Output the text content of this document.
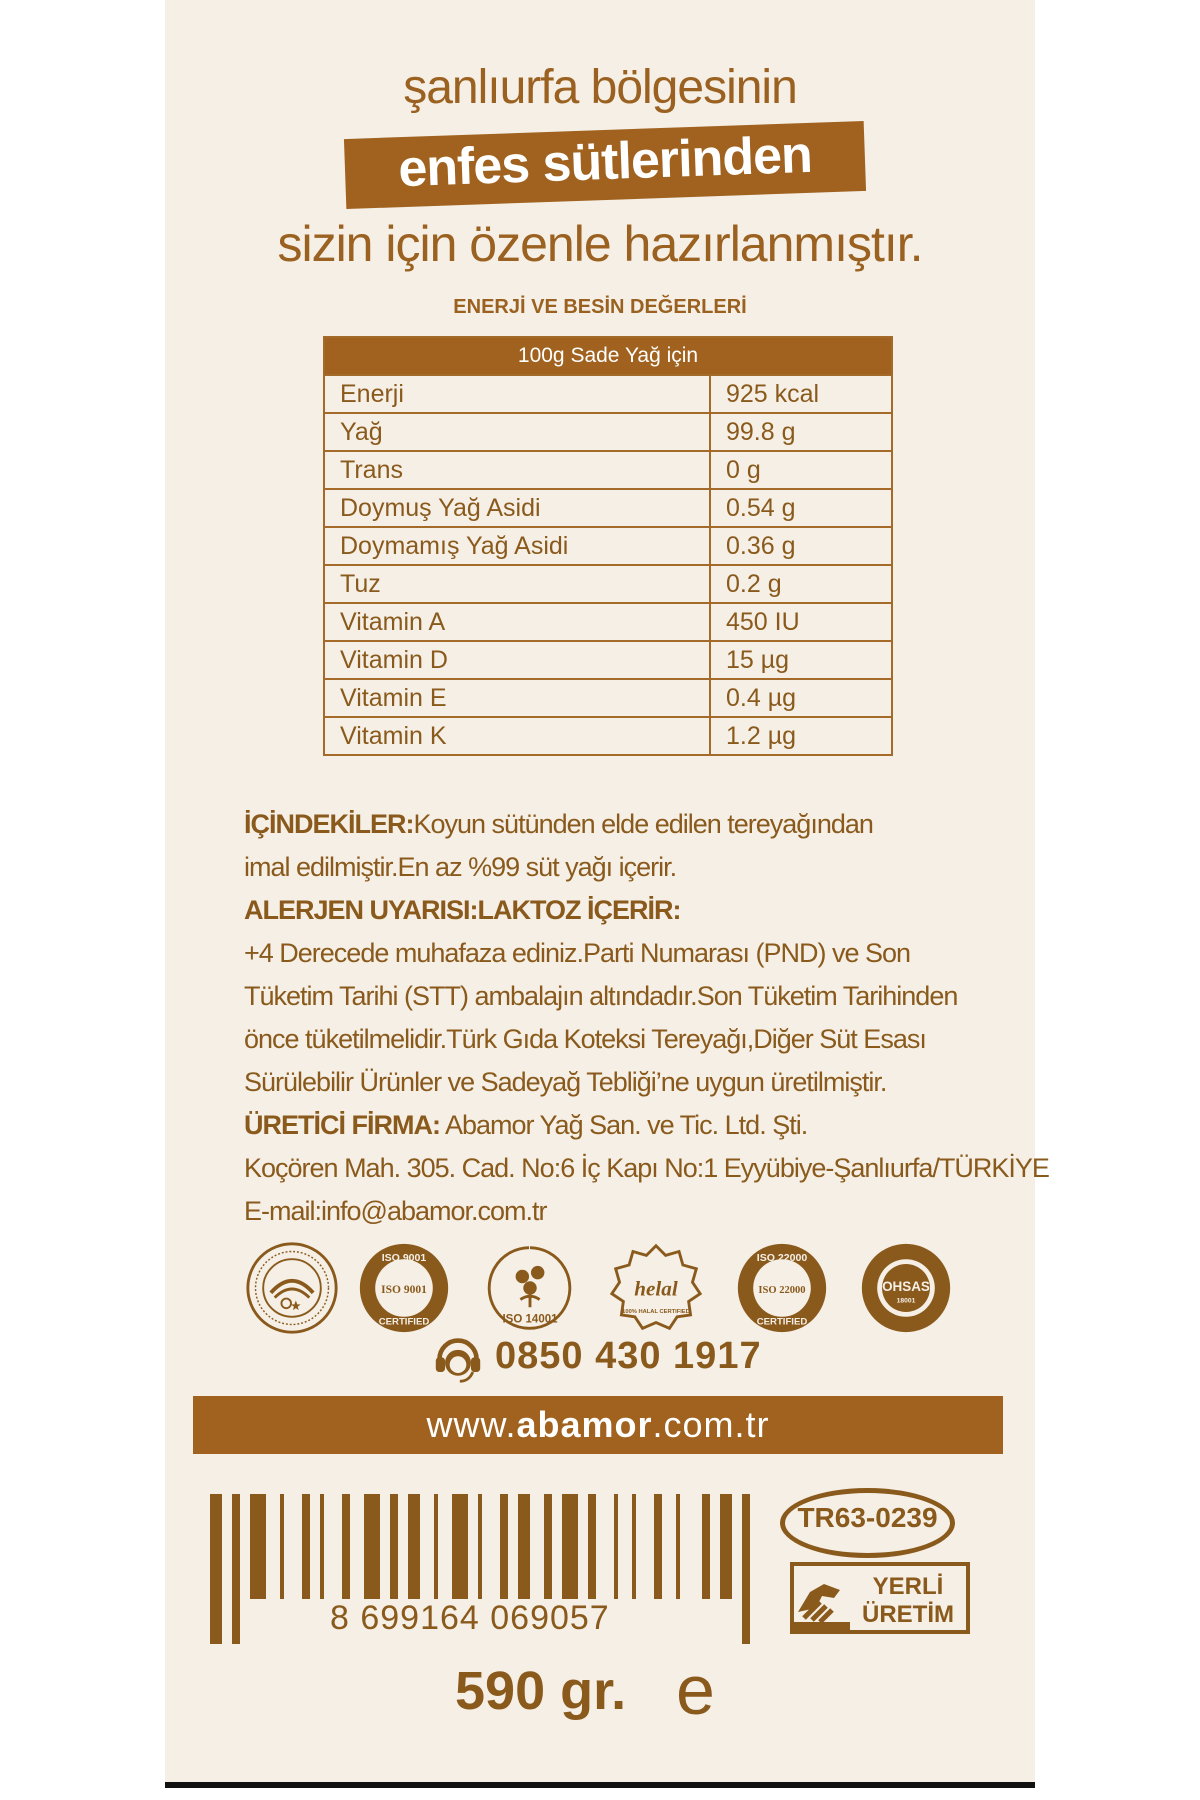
şanlıurfa bölgesinin
enfes sütlerinden
sizin için özenle hazırlanmıştır.
ENERJİ VE BESİN DEĞERLERİ
100g Sade Yağ için	
Enerji	925 kcal
Yağ	99.8 g
Trans	0 g
Doymuş Yağ Asidi	0.54 g
Doymamış Yağ Asidi	0.36 g
Tuz	0.2 g
Vitamin A	450 IU
Vitamin D	15 µg
Vitamin E	0.4 µg
Vitamin K	1.2 µg

İÇİNDEKİLER:Koyun sütünden elde edilen tereyağından

imal edilmiştir.En az %99 süt yağı içerir.

ALERJEN UYARISI:LAKTOZ İÇERİR:

+4 Derecede muhafaza ediniz.Parti Numarası (PND) ve Son

Tüketim Tarihi (STT) ambalajın altındadır.Son Tüketim Tarihinden

önce tüketilmelidir.Türk Gıda Koteksi Tereyağı,Diğer Süt Esası

Sürülebilir Ürünler ve Sadeyağ Tebliği’ne uygun üretilmiştir.

ÜRETİCİ FİRMA: Abamor Yağ San. ve Tic. Ltd. Şti.

Koçören Mah. 305. Cad. No:6 İç Kapı No:1 Eyyübiye-Şanlıurfa/TÜRKİYE

E-mail:info@abamor.com.tr

ISO 9001
ISO 9001
CERTIFIED	ISO 14001
helal
100% HALAL CERTIFIED
ISO 22000
ISO 22000
CERTIFIED
OHSAS
18001
0850 430 1917
www.abamor.com.tr
8 699164 069057
TR63-0239
YERLİ
ÜRETİM
590 gr. e
